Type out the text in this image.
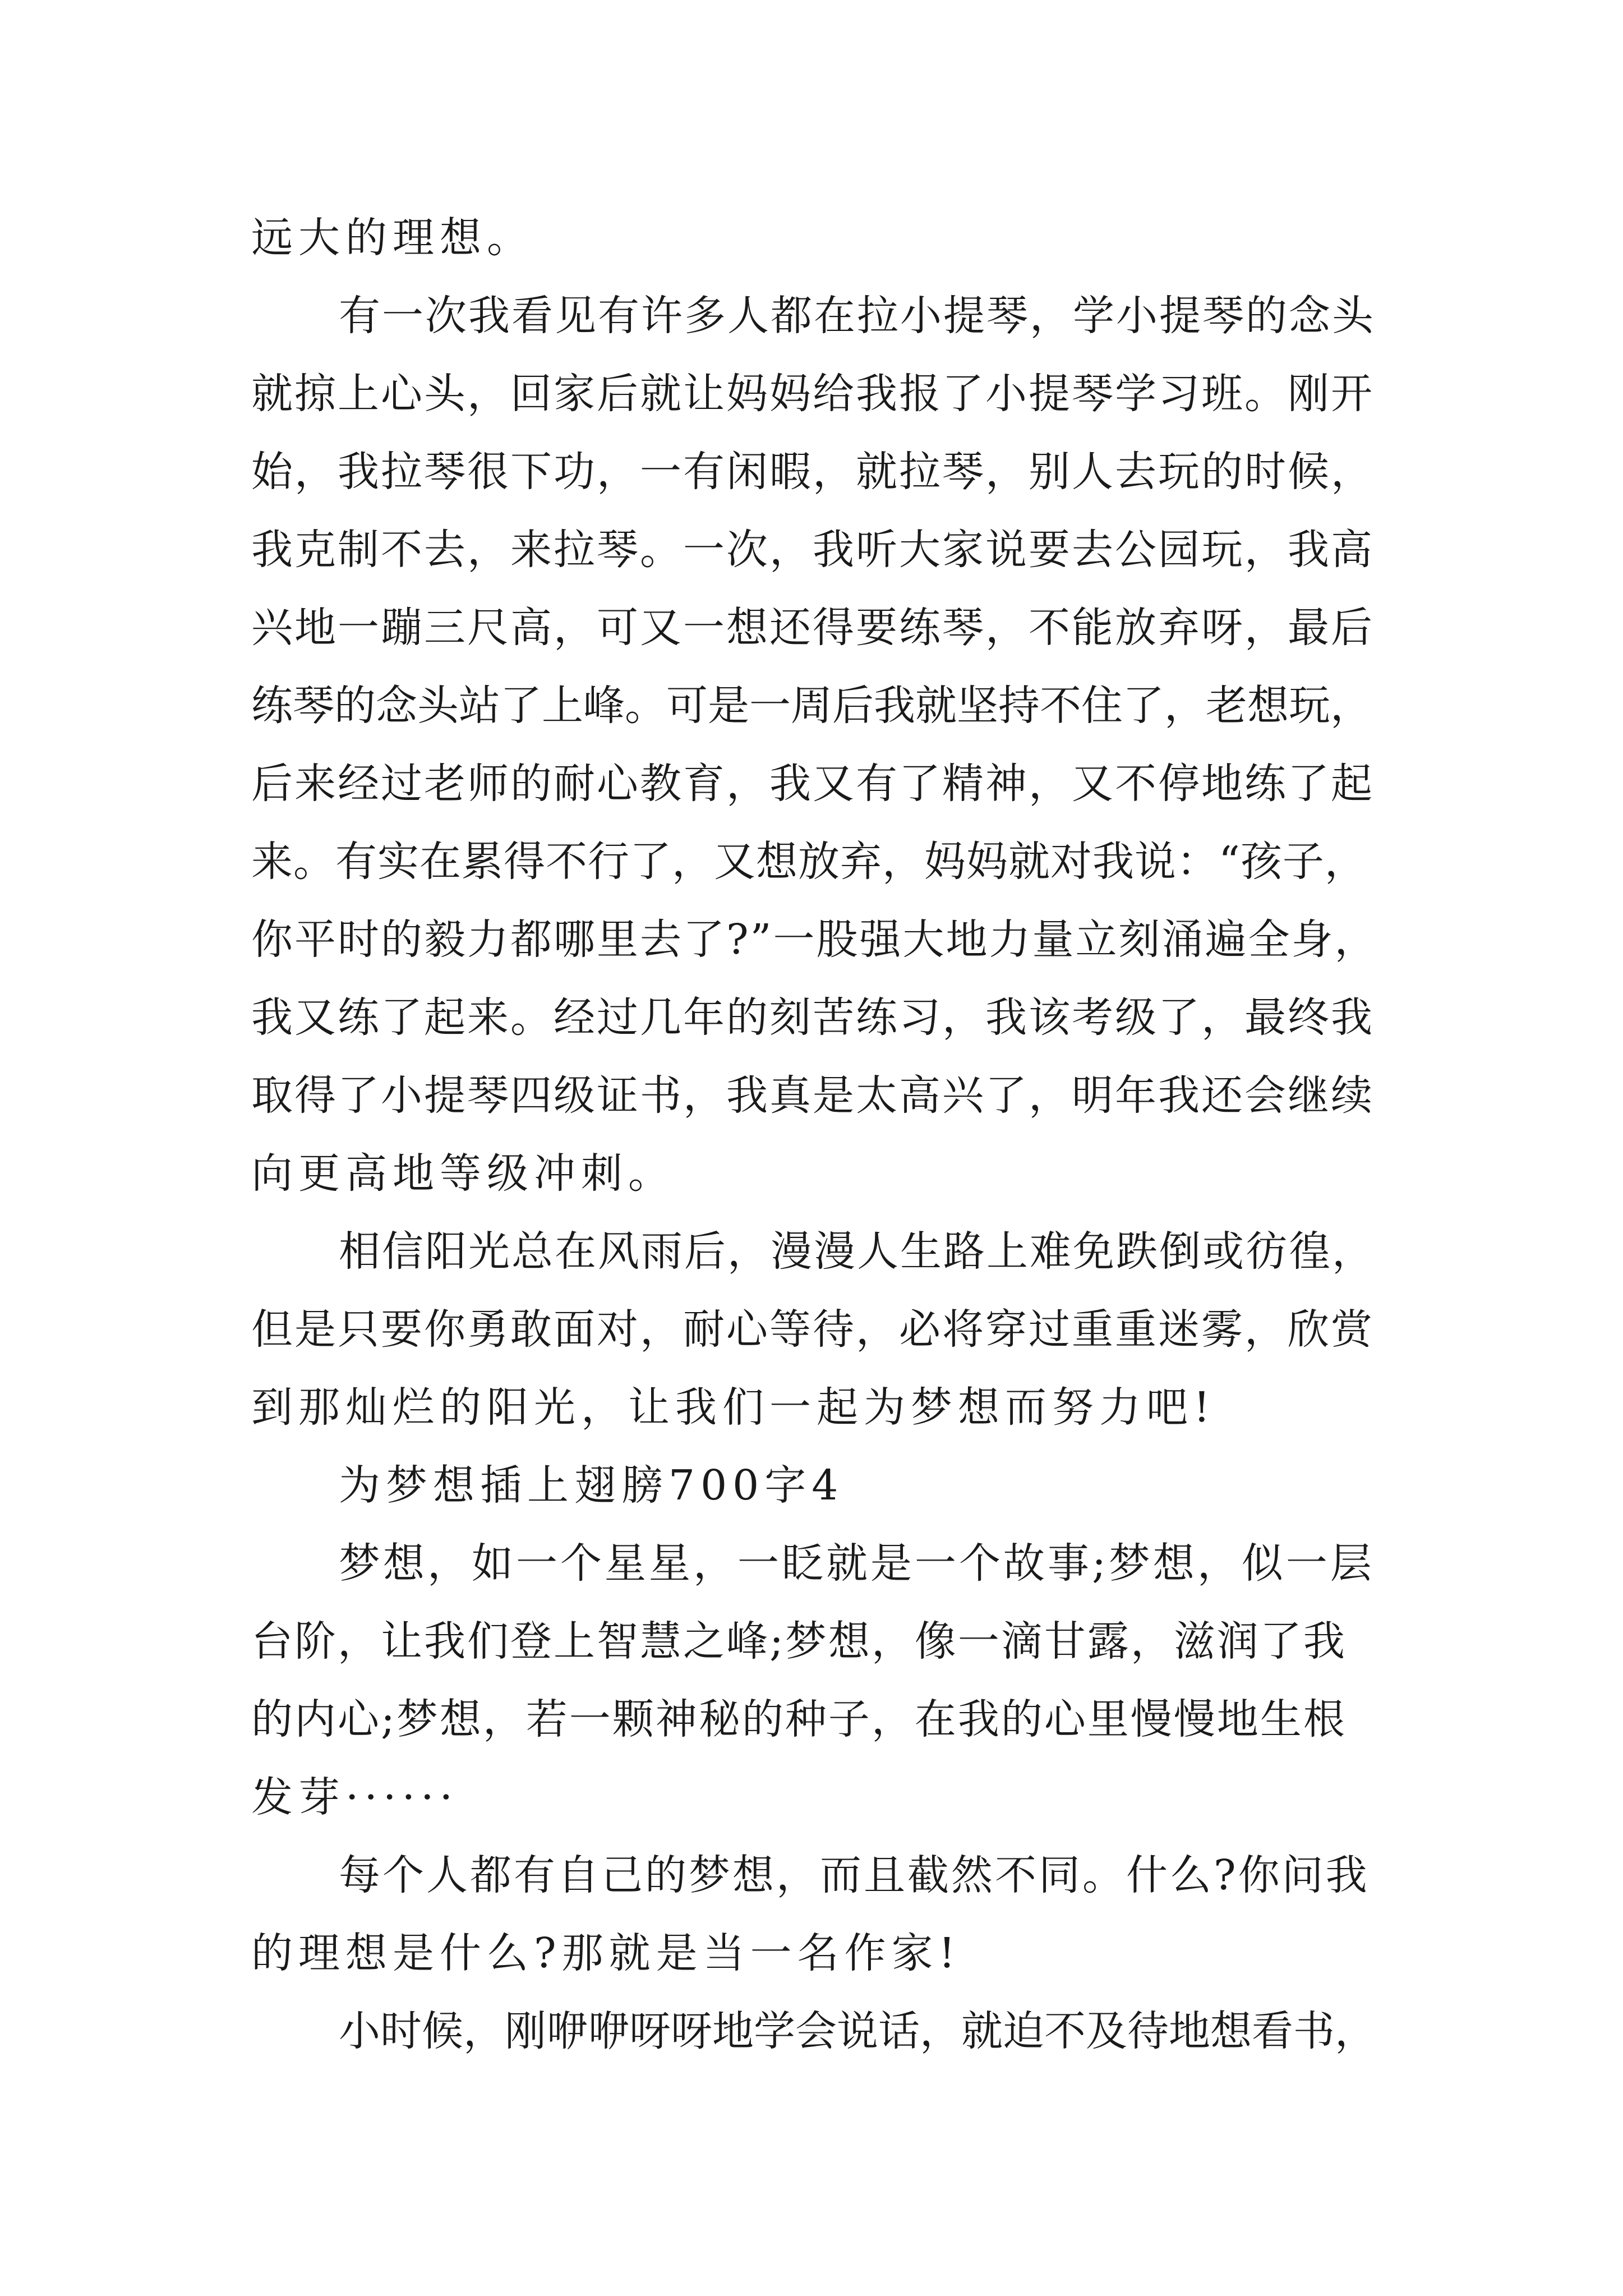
远大的理想。
有一次我看见有许多人都在拉小提琴，学小提琴的念头
就掠上心头，回家后就让妈妈给我报了小提琴学习班。刚开
始，我拉琴很下功，一有闲暇，就拉琴，别人去玩的时候，
我克制不去，来拉琴。一次，我听大家说要去公园玩，我高
兴地一蹦三尺高，可又一想还得要练琴，不能放弃呀，最后
练琴的念头站了上峰。可是一周后我就坚持不住了，老想玩，
后来经过老师的耐心教育，我又有了精神，又不停地练了起
来。有实在累得不行了，又想放弃，妈妈就对我说：“孩子，
你平时的毅力都哪里去了?”一股强大地力量立刻涌遍全身，
我又练了起来。经过几年的刻苦练习，我该考级了，最终我
取得了小提琴四级证书，我真是太高兴了，明年我还会继续
向更高地等级冲刺。
相信阳光总在风雨后，漫漫人生路上难免跌倒或彷徨，
但是只要你勇敢面对，耐心等待，必将穿过重重迷雾，欣赏
到那灿烂的阳光，让我们一起为梦想而努力吧!
为梦想插上翅膀700字4
梦想，如一个星星，一眨就是一个故事;梦想，似一层
台阶，让我们登上智慧之峰;梦想，像一滴甘露，滋润了我
的内心;梦想，若一颗神秘的种子，在我的心里慢慢地生根
发芽······
每个人都有自己的梦想，而且截然不同。什么?你问我
的理想是什么?那就是当一名作家!
小时候，刚咿咿呀呀地学会说话，就迫不及待地想看书，
